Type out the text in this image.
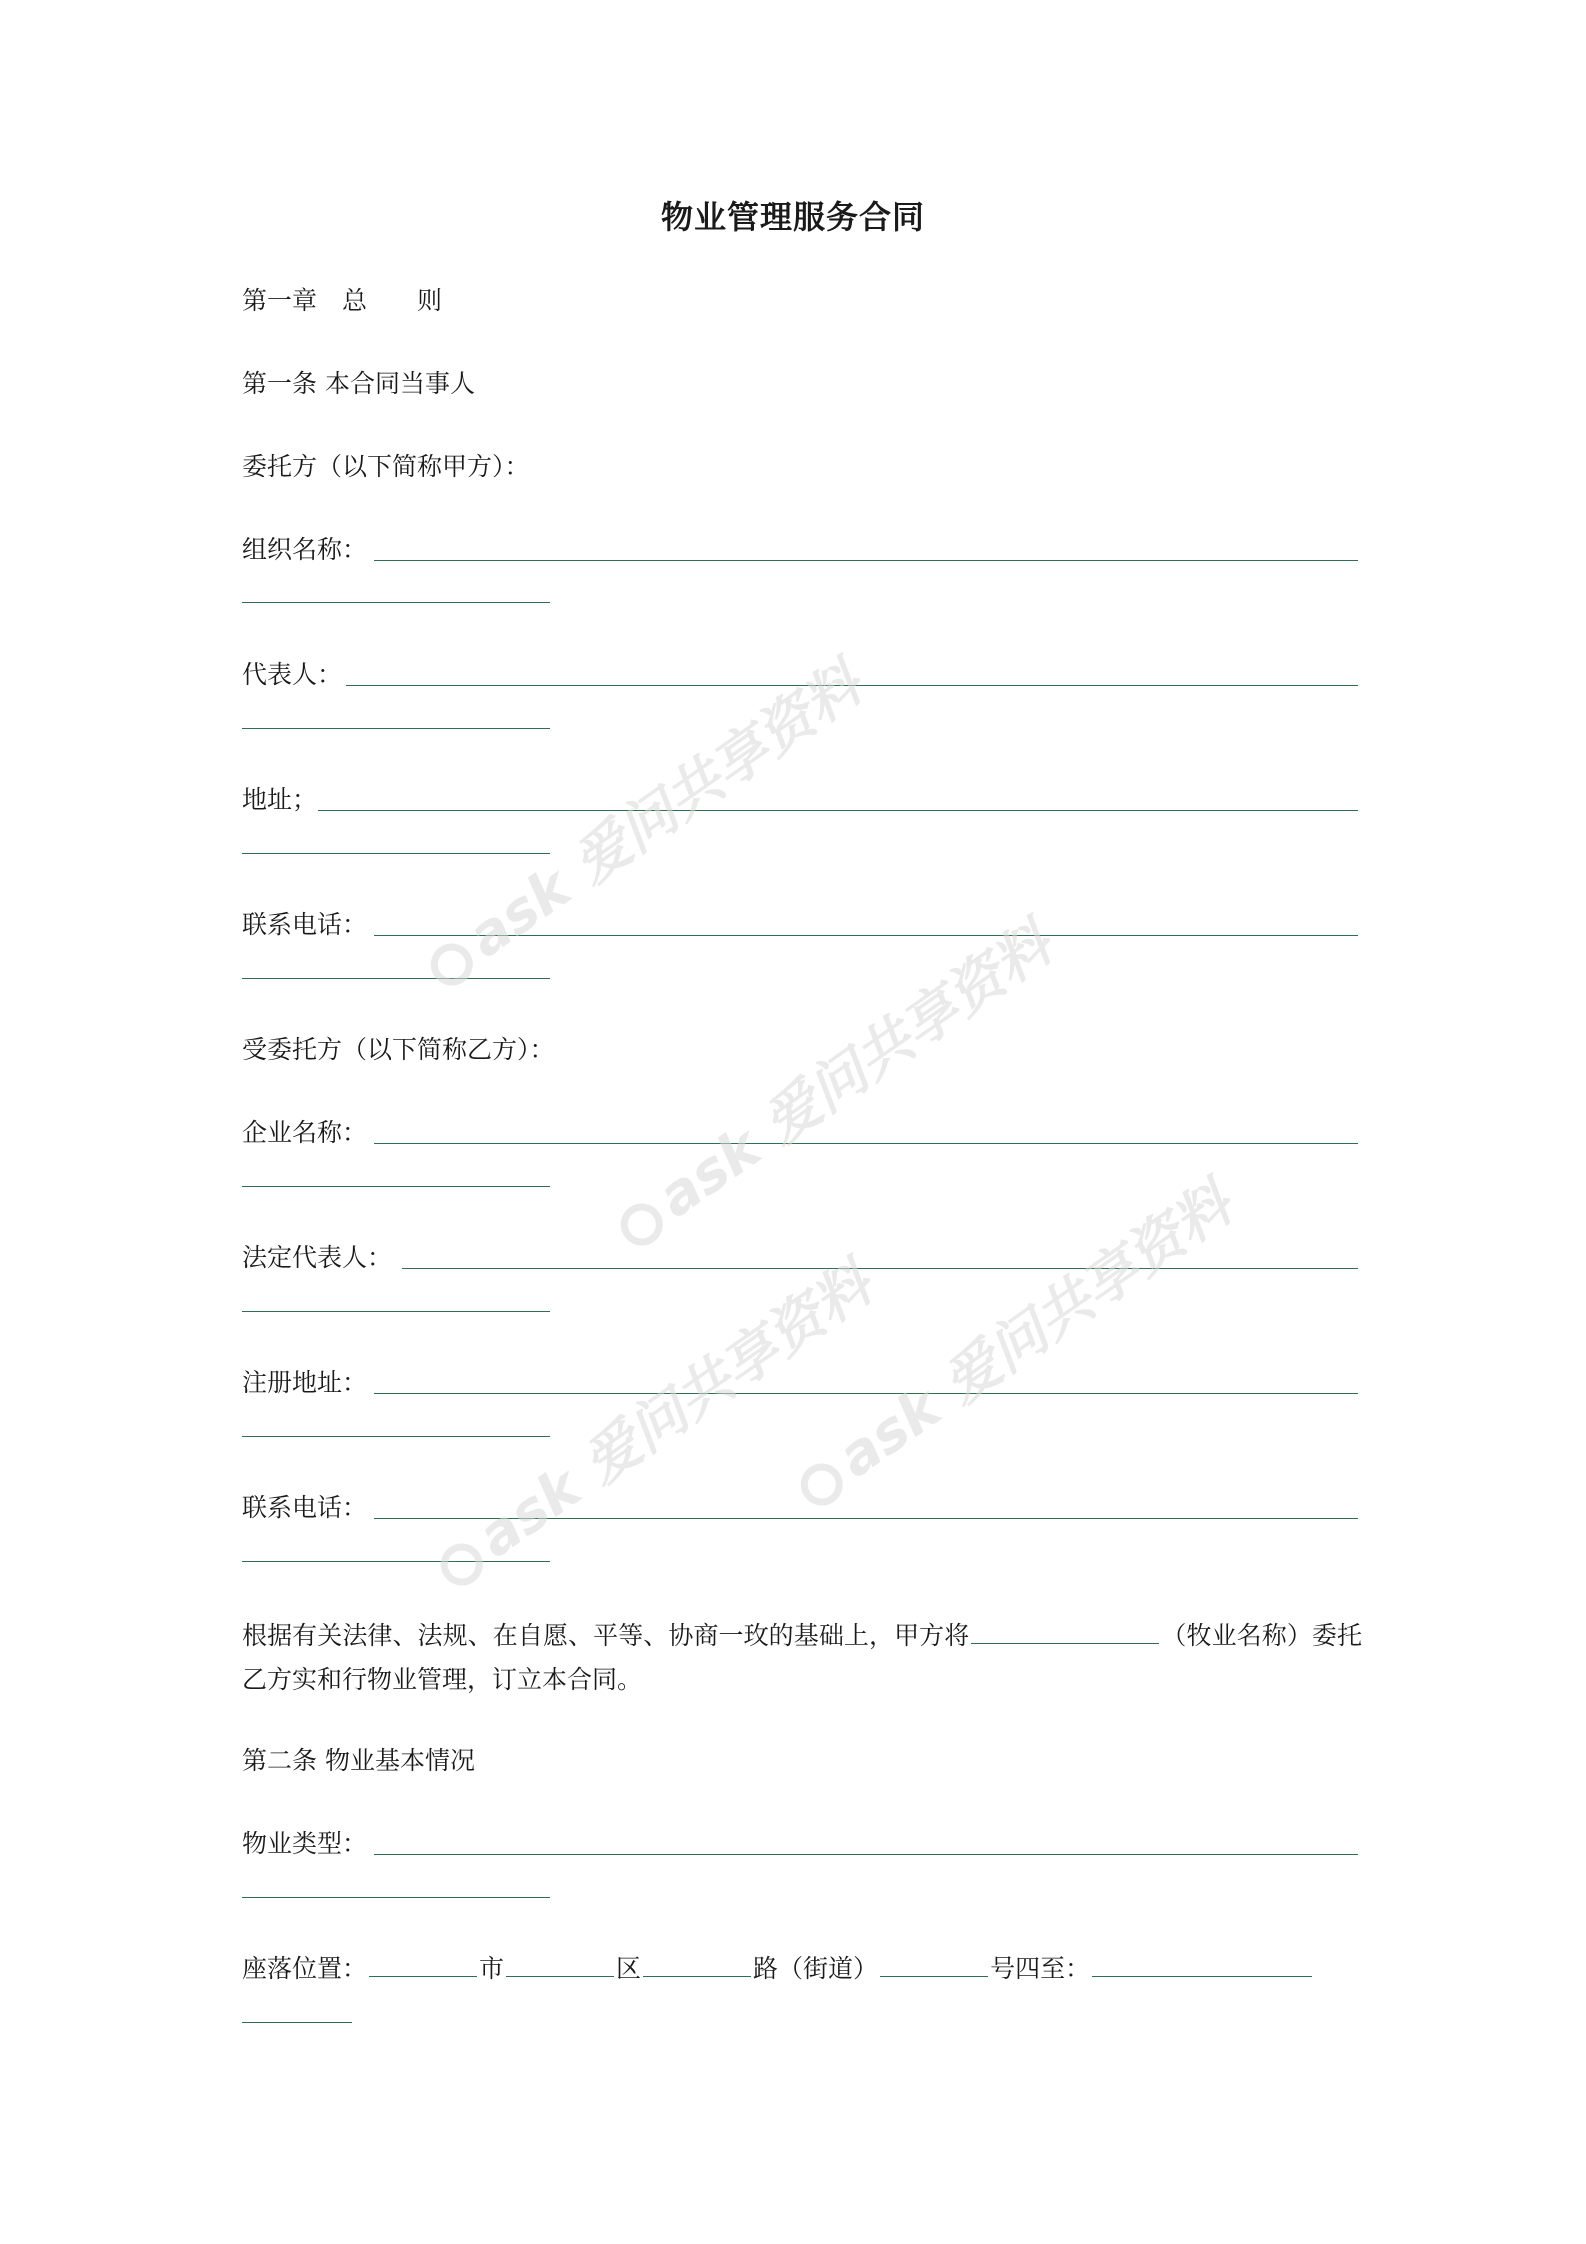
物业管理服务合同
第一章　总　　则
第一条 本合同当事人
委托方（以下简称甲方）：
组织名称：
代表人：
地址；
联系电话：
受委托方（以下简称乙方）：
企业名称：
法定代表人：
注册地址：
联系电话：
根据有关法律、法规、在自愿、平等、协商一玫的基础上，甲方将	（牧业名称）委托乙方实和行物业管理，订立本合同。
第二条 物业基本情况
物业类型：
座落位置：	市	区	路（街道）	号四至：
ask 爱问共享资料
ask 爱问共享资料
ask 爱问共享资料
ask 爱问共享资料
